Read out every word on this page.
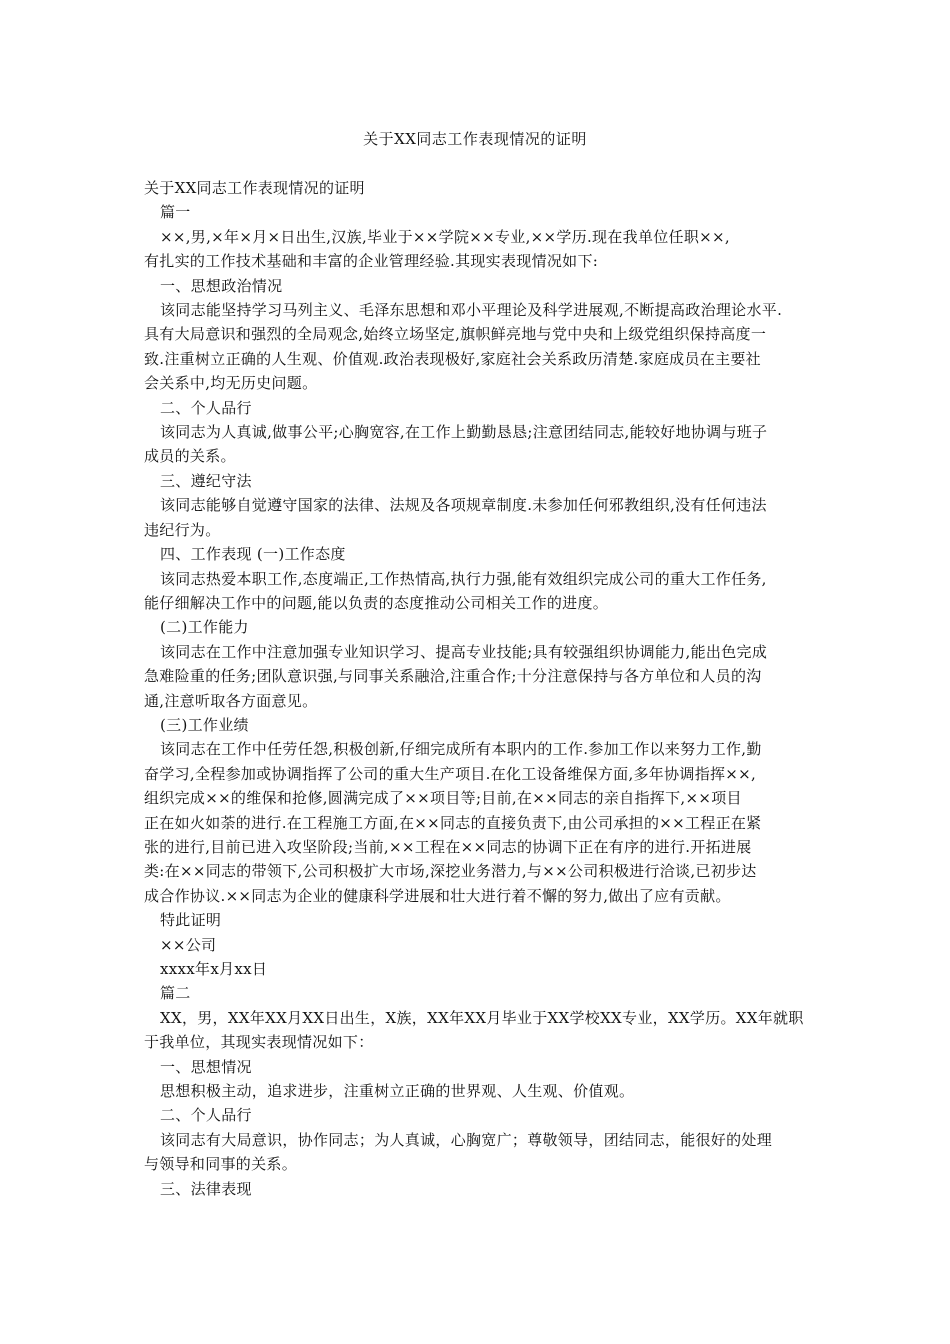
关于XX同志工作表现情况的证明
关于XX同志工作表现情况的证明
篇一
××,男,×年×月×日出生,汉族,毕业于××学院××专业,××学历.现在我单位任职××,
有扎实的工作技术基础和丰富的企业管理经验.其现实表现情况如下:
一、思想政治情况
该同志能坚持学习马列主义、毛泽东思想和邓小平理论及科学进展观,不断提高政治理论水平.
具有大局意识和强烈的全局观念,始终立场坚定,旗帜鲜亮地与党中央和上级党组织保持高度一
致.注重树立正确的人生观、价值观.政治表现极好,家庭社会关系政历清楚.家庭成员在主要社
会关系中,均无历史问题。
二、个人品行
该同志为人真诚,做事公平;心胸宽容,在工作上勤勤恳恳;注意团结同志,能较好地协调与班子
成员的关系。
三、遵纪守法
该同志能够自觉遵守国家的法律、法规及各项规章制度.未参加任何邪教组织,没有任何违法
违纪行为。
四、工作表现 (一)工作态度
该同志热爱本职工作,态度端正,工作热情高,执行力强,能有效组织完成公司的重大工作任务,
能仔细解决工作中的问题,能以负责的态度推动公司相关工作的进度。
(二)工作能力
该同志在工作中注意加强专业知识学习、提高专业技能;具有较强组织协调能力,能出色完成
急难险重的任务;团队意识强,与同事关系融洽,注重合作;十分注意保持与各方单位和人员的沟
通,注意听取各方面意见。
(三)工作业绩
该同志在工作中任劳任怨,积极创新,仔细完成所有本职内的工作.参加工作以来努力工作,勤
奋学习,全程参加或协调指挥了公司的重大生产项目.在化工设备维保方面,多年协调指挥××,
组织完成××的维保和抢修,圆满完成了××项目等;目前,在××同志的亲自指挥下,××项目
正在如火如荼的进行.在工程施工方面,在××同志的直接负责下,由公司承担的××工程正在紧
张的进行,目前已进入攻坚阶段;当前,××工程在××同志的协调下正在有序的进行.开拓进展
类:在××同志的带领下,公司积极扩大市场,深挖业务潜力,与××公司积极进行洽谈,已初步达
成合作协议.××同志为企业的健康科学进展和壮大进行着不懈的努力,做出了应有贡献。
特此证明
××公司
xxxx年x月xx日
篇二
XX，男，XX年XX月XX日出生，X族，XX年XX月毕业于XX学校XX专业，XX学历。XX年就职
于我单位，其现实表现情况如下：
一、思想情况
思想积极主动，追求进步，注重树立正确的世界观、人生观、价值观。
二、个人品行
该同志有大局意识，协作同志；为人真诚，心胸宽广；尊敬领导，团结同志，能很好的处理
与领导和同事的关系。
三、法律表现
